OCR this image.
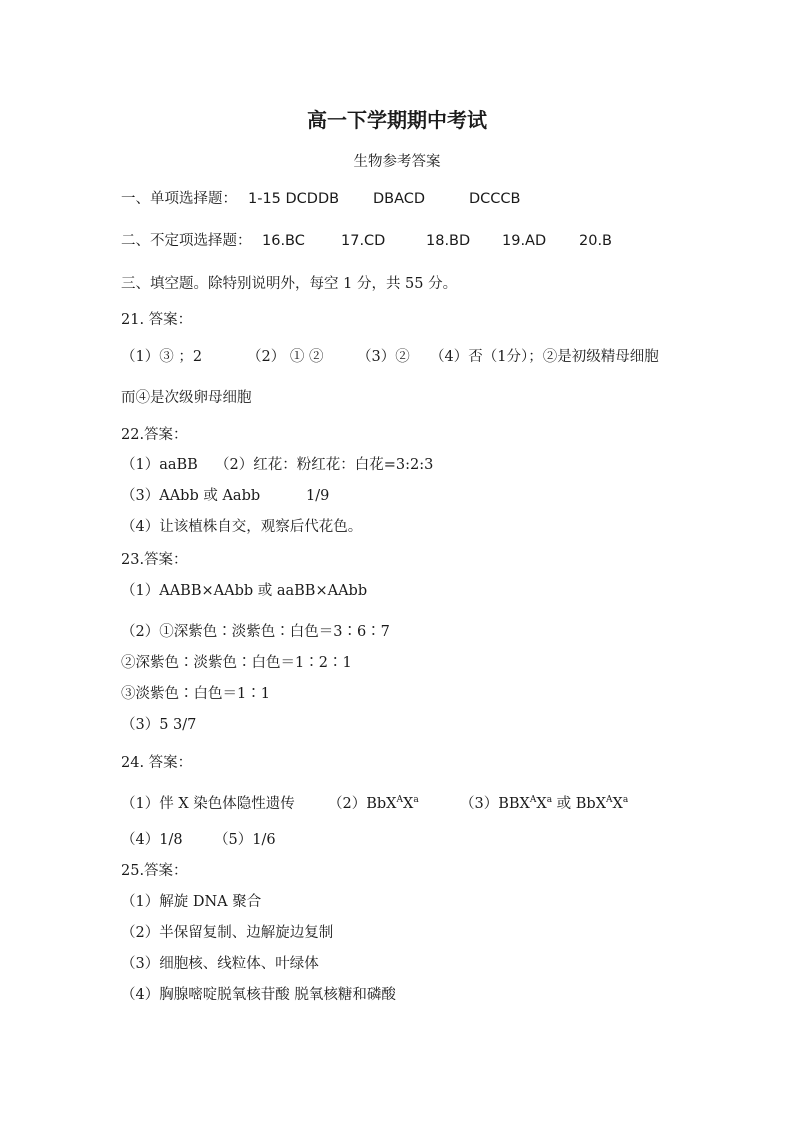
高一下学期期中考试
生物参考答案
一、单项选择题： 1-15 DCDDB DBACD	DCCCB
二、不定项选择题： 16.BC 17.CD	18.BD 19.AD 20.B
三、填空题。除特别说明外，每空 1 分，共 55 分。
21. 答案：
（1）③ ；2	（2） ① ② （3）② （4）否（1分）；②是初级精母细胞
而④是次级卵母细胞
22.答案：
（1）aaBB （2）红花：粉红花：白花=3:2:3
（3）AAbb 或 Aabb	1/9
（4）让该植株自交，观察后代花色。
23.答案：
（1）AABB×AAbb 或 aaBB×AAbb
（2）①深紫色∶淡紫色∶白色＝3∶6∶7
②深紫色∶淡紫色∶白色＝1∶2∶1
③淡紫色∶白色＝1∶1
（3）5 3/7
24. 答案：
（1）伴 X 染色体隐性遗传 $(2)BbX^AX^a$	$(3)BBX^AX^a$ 或 $BbX^AX^a$
（4）1/8 （5）1/6
25.答案：
（1）解旋 DNA 聚合
（2）半保留复制、边解旋边复制
（3）细胞核、线粒体、叶绿体
（4）胸腺嘧啶脱氧核苷酸 脱氧核糖和磷酸
